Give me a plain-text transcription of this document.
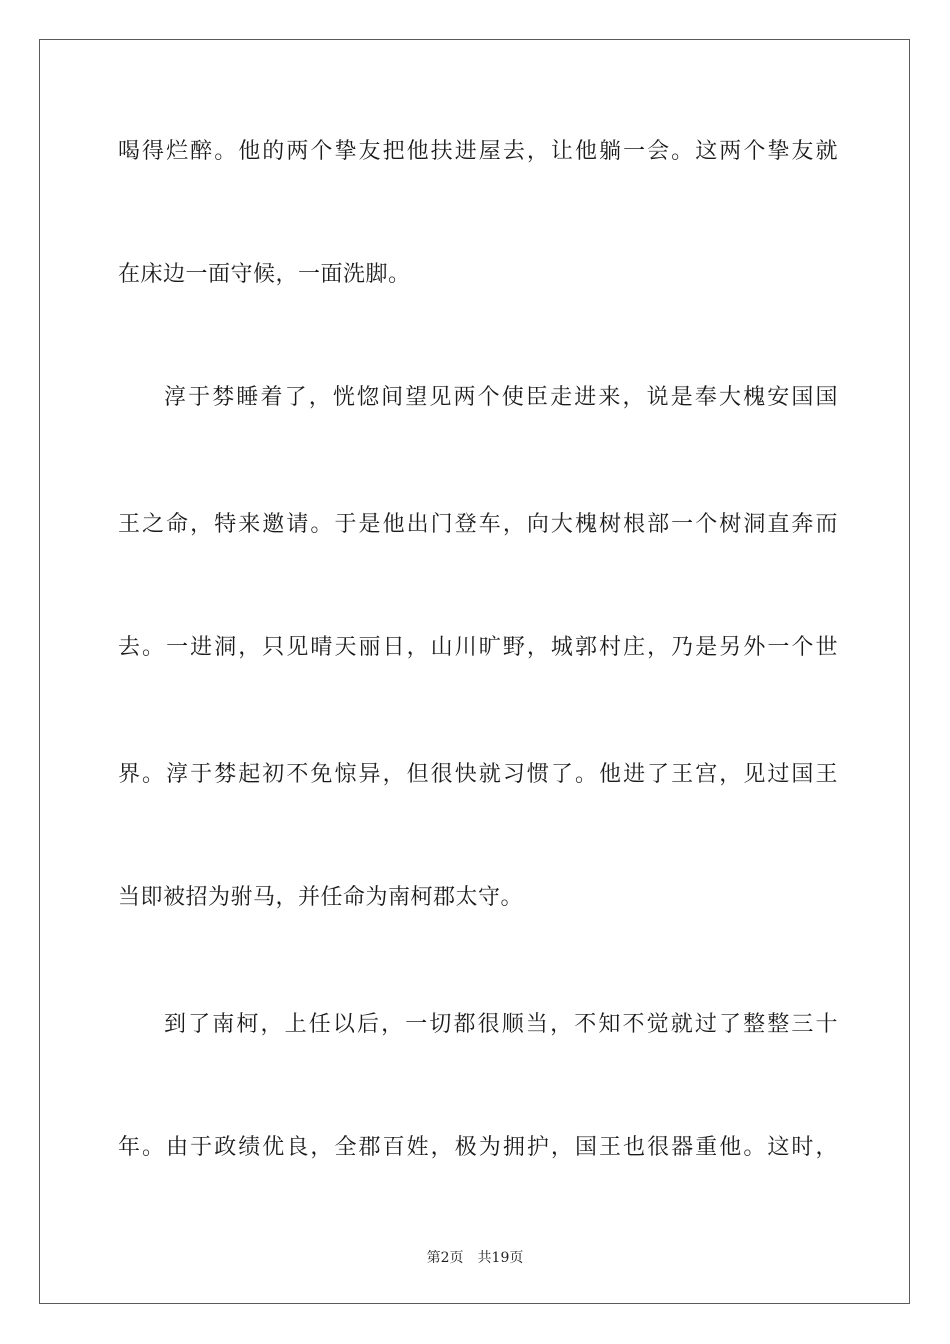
喝得烂醉。他的两个挚友把他扶进屋去，让他躺一会。这两个挚友就

在床边一面守候，一面洗脚。

淳于棼睡着了，恍惚间望见两个使臣走进来，说是奉大槐安国国

王之命，特来邀请。于是他出门登车，向大槐树根部一个树洞直奔而

去。一进洞，只见晴天丽日，山川旷野，城郭村庄，乃是另外一个世

界。淳于棼起初不免惊异，但很快就习惯了。他进了王宫，见过国王

当即被招为驸马，并任命为南柯郡太守。

到了南柯，上任以后，一切都很顺当，不知不觉就过了整整三十

年。由于政绩优良，全郡百姓，极为拥护，国王也很器重他。这时，

第2页 共19页
